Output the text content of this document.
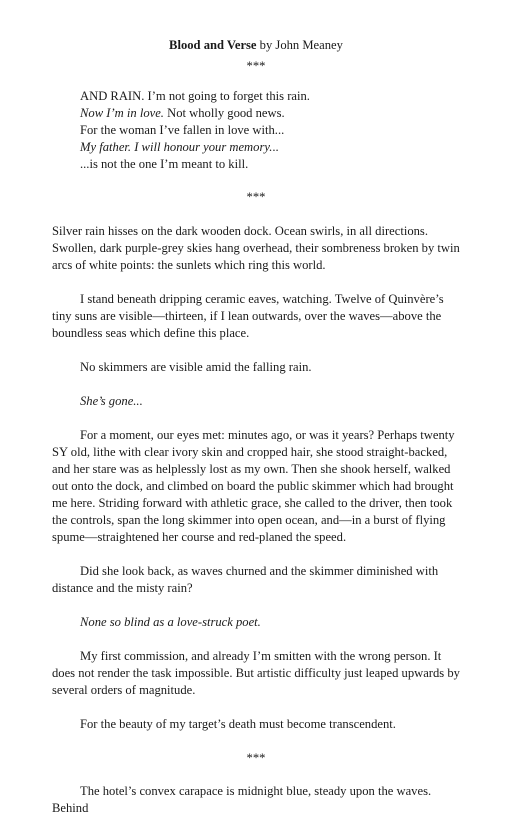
Blood and Verse by John Meaney
***
AND RAIN. I’m not going to forget this rain.
Now I’m in love. Not wholly good news.
For the woman I’ve fallen in love with...
My father. I will honour your memory...
...is not the one I’m meant to kill.
***

Silver rain hisses on the dark wooden dock. Ocean swirls, in all directions. Swollen, dark purple-grey skies hang overhead, their sombreness broken by twin arcs of white points: the sunlets which ring this world.

I stand beneath dripping ceramic eaves, watching. Twelve of Quinvère’s tiny suns are visible—thirteen, if I lean outwards, over the waves—above the boundless seas which define this place.

No skimmers are visible amid the falling rain.

She’s gone...

For a moment, our eyes met: minutes ago, or was it years? Perhaps twenty SY old, lithe with clear ivory skin and cropped hair, she stood straight-backed, and her stare was as helplessly lost as my own. Then she shook herself, walked out onto the dock, and climbed on board the public skimmer which had brought me here. Striding forward with athletic grace, she called to the driver, then took the controls, span the long skimmer into open ocean, and—in a burst of flying spume—straightened her course and red-planed the speed.

Did she look back, as waves churned and the skimmer diminished with distance and the misty rain?

None so blind as a love-struck poet.

My first commission, and already I’m smitten with the wrong person. It does not render the task impossible. But artistic difficulty just leaped upwards by several orders of magnitude.

For the beauty of my target’s death must become transcendent.

***

The hotel’s convex carapace is midnight blue, steady upon the waves. Behind
